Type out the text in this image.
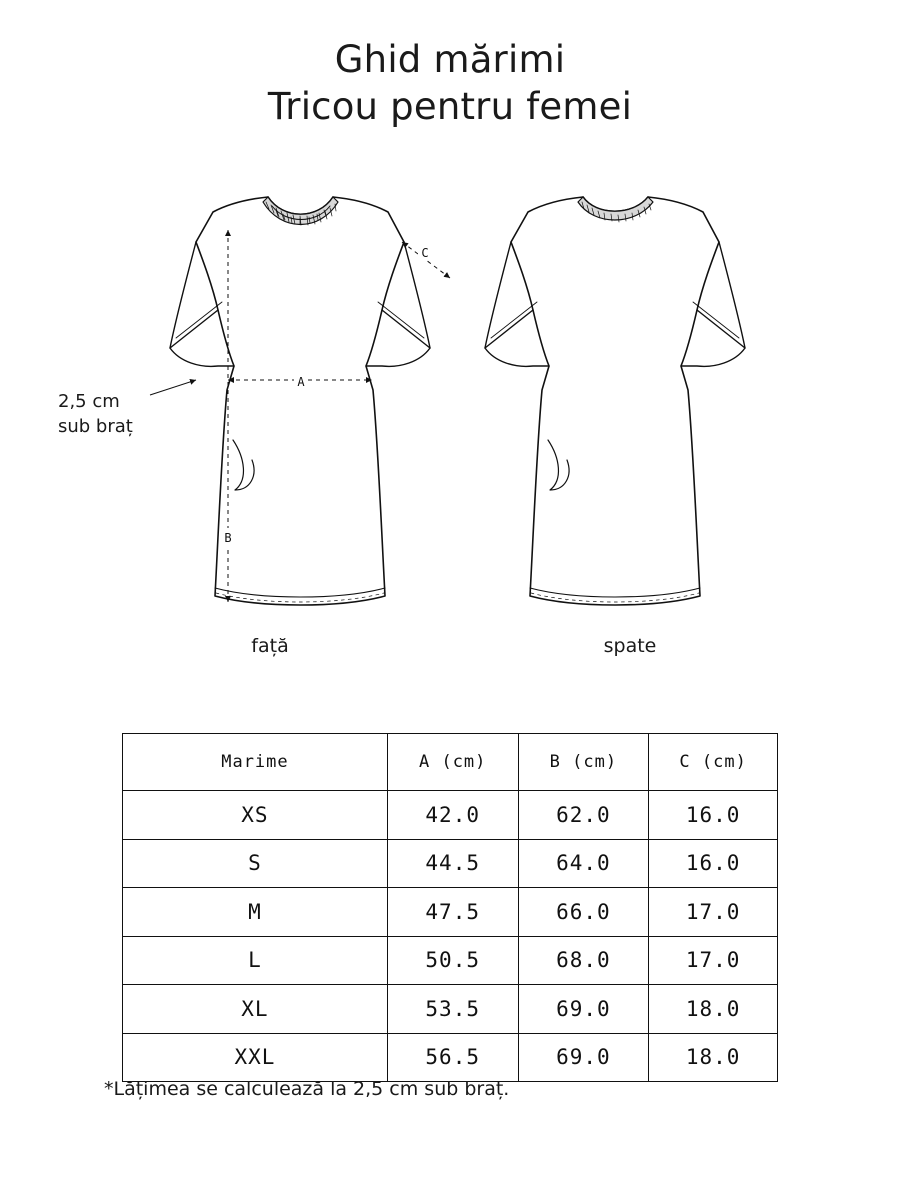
Ghid mărimi
Tricou pentru femei
A
B
C
2,5 cm
sub braț
față	spate
Marime	A (cm)	B (cm)	C (cm)
XS	42.0	62.0	16.0
S	44.5	64.0	16.0
M	47.5	66.0	17.0
L	50.5	68.0	17.0
XL	53.5	69.0	18.0
XXL	56.5	69.0	18.0
*Lățimea se calculează la 2,5 cm sub braț.
